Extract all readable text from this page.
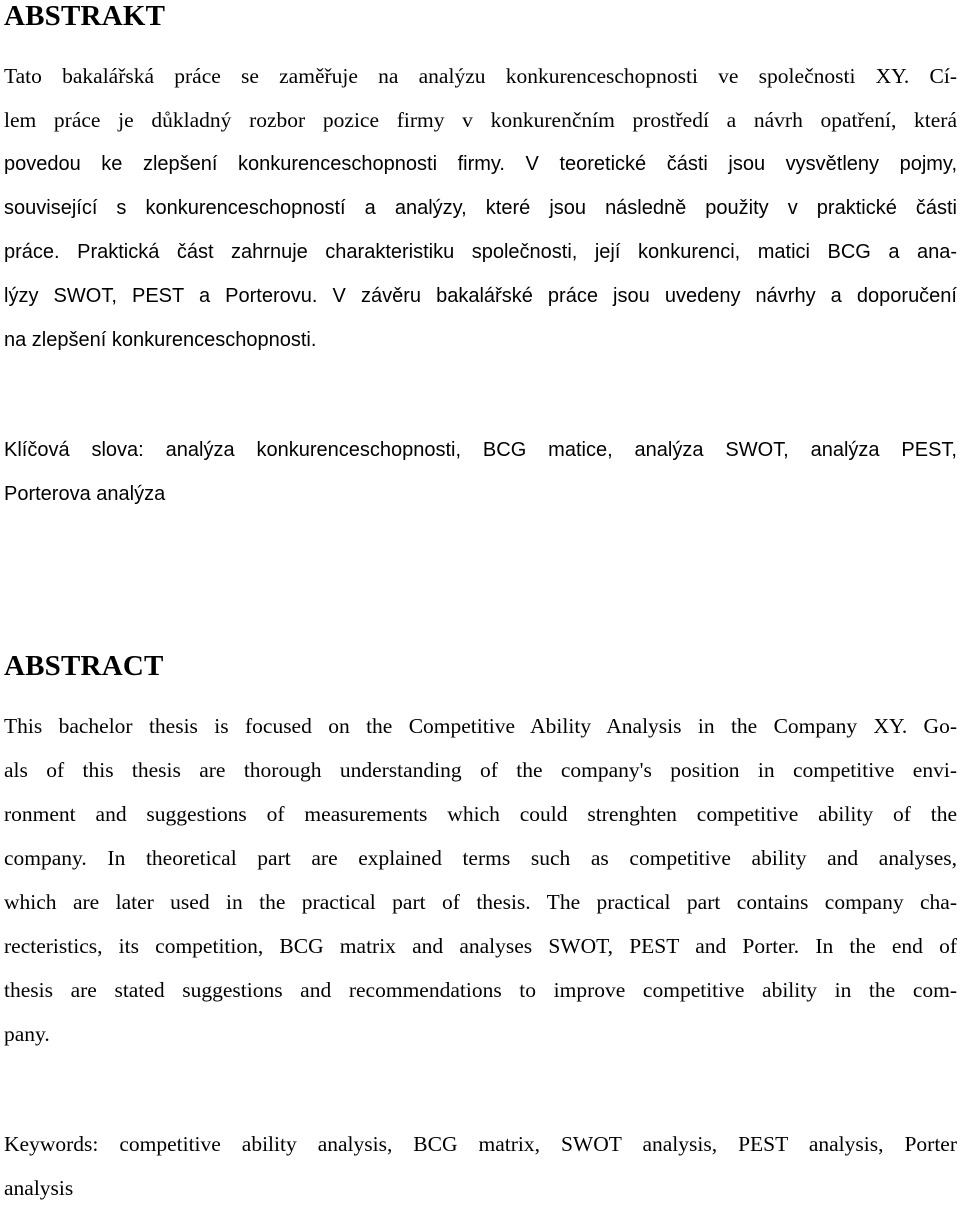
ABSTRAKT
Tato bakalářská práce se zaměřuje na analýzu konkurenceschopnosti ve společnosti XY. Cí-
lem práce je důkladný rozbor pozice firmy v konkurenčním prostředí a návrh opatření, která
povedou ke zlepšení konkurenceschopnosti firmy. V teoretické části jsou vysvětleny pojmy,
související s konkurenceschopností a analýzy, které jsou následně použity v praktické části
práce. Praktická část zahrnuje charakteristiku společnosti, její konkurenci, matici BCG a ana-
lýzy SWOT, PEST a Porterovu. V závěru bakalářské práce jsou uvedeny návrhy a doporučení
na zlepšení konkurenceschopnosti.
Klíčová slova: analýza konkurenceschopnosti, BCG matice, analýza SWOT, analýza PEST,
Porterova analýza
ABSTRACT
This bachelor thesis is focused on the Competitive Ability Analysis in the Company XY. Go-
als of this thesis are thorough understanding of the company's position in competitive envi-
ronment and suggestions of measurements which could strenghten competitive ability of the
company. In theoretical part are explained terms such as competitive ability and analyses,
which are later used in the practical part of thesis. The practical part contains company cha-
recteristics, its competition, BCG matrix and analyses SWOT, PEST and Porter. In the end of
thesis are stated suggestions and recommendations to improve competitive ability in the com-
pany.
Keywords: competitive ability analysis, BCG matrix, SWOT analysis, PEST analysis, Porter
analysis
